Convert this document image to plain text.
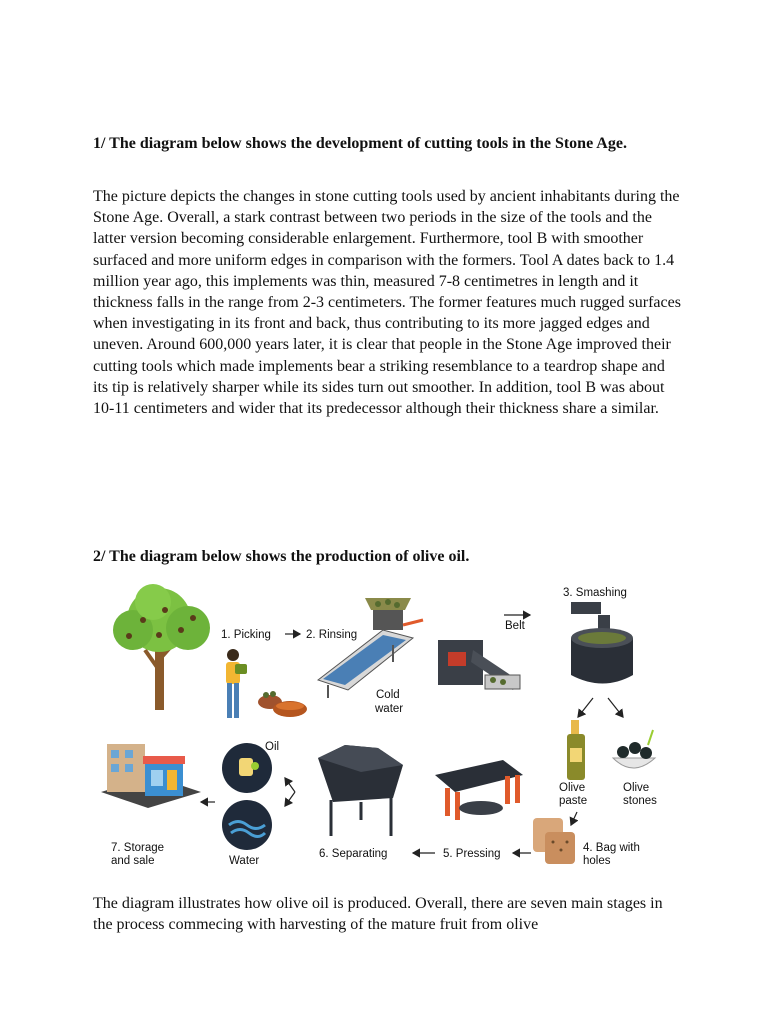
1/ The diagram below shows the development of cutting tools in the Stone Age.

The picture depicts the changes in stone cutting tools used by ancient inhabitants during the Stone Age. Overall, a stark contrast between two periods in the size of the tools and the latter version becoming considerable enlargement. Furthermore, tool B with smoother surfaced and more uniform edges in comparison with the formers. Tool A dates back to 1.4 million year ago, this implements was thin, measured 7-8 centimetres in length and it thickness falls in the range from 2-3 centimeters. The former features much rugged surfaces when investigating in its front and back, thus contributing to its more jagged edges and uneven. Around 600,000 years later, it is clear that people in the Stone Age improved their cutting tools which made implements bear a striking resemblance to a teardrop shape and its tip is relatively sharper while its sides turn out smoother. In addition, tool B was about 10-11 centimeters and wider that its predecessor although their thickness share a similar.

2/ The diagram below shows the production of olive oil.

1. Picking	2. Rinsing
Cold
water
Belt
3. Smashing
Olive
paste
Olive
stones
4. Bag with
holes
5. Pressing
6. Separating
Oil
Water
7. Storage
and sale

The diagram illustrates how olive oil is produced. Overall, there are seven main stages in the process commecing with harvesting of the mature fruit from olive
